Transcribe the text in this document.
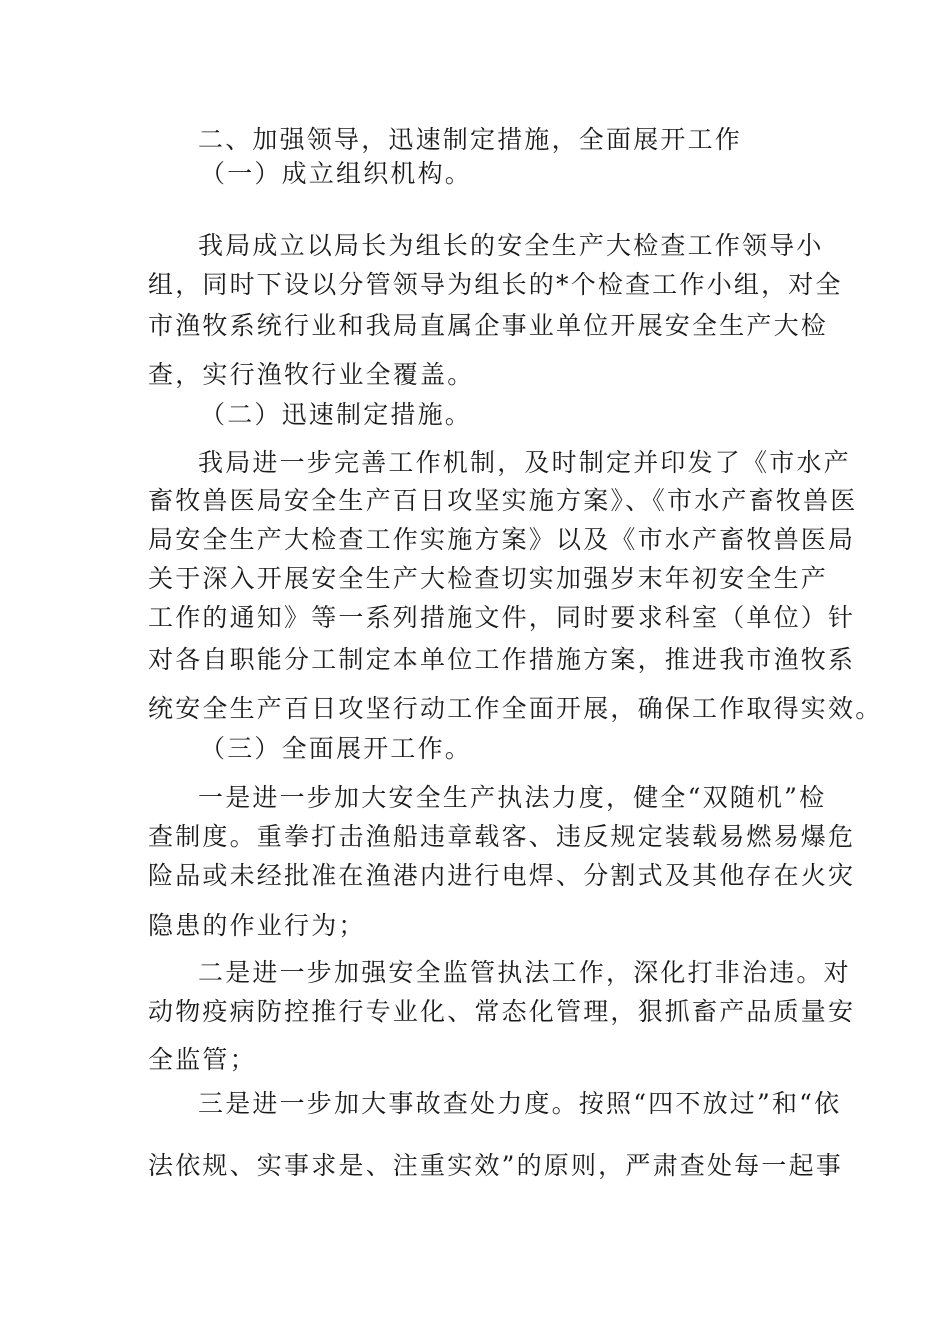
二、加强领导，迅速制定措施，全面展开工作
（一）成立组织机构。
我局成立以局长为组长的安全生产大检查工作领导小
组，同时下设以分管领导为组长的*个检查工作小组，对全
市渔牧系统行业和我局直属企事业单位开展安全生产大检
查，实行渔牧行业全覆盖。
（二）迅速制定措施。
我局进一步完善工作机制，及时制定并印发了《市水产
畜牧兽医局安全生产百日攻坚实施方案》、《市水产畜牧兽医
局安全生产大检查工作实施方案》以及《市水产畜牧兽医局
关于深入开展安全生产大检查切实加强岁末年初安全生产
工作的通知》等一系列措施文件，同时要求科室（单位）针
对各自职能分工制定本单位工作措施方案，推进我市渔牧系
统安全生产百日攻坚行动工作全面开展，确保工作取得实效。
（三）全面展开工作。
一是进一步加大安全生产执法力度，健全“双随机”检
查制度。重拳打击渔船违章载客、违反规定装载易燃易爆危
险品或未经批准在渔港内进行电焊、分割式及其他存在火灾
隐患的作业行为；
二是进一步加强安全监管执法工作，深化打非治违。对
动物疫病防控推行专业化、常态化管理，狠抓畜产品质量安
全监管；
三是进一步加大事故查处力度。按照“四不放过”和“依
法依规、实事求是、注重实效”的原则，严肃查处每一起事
